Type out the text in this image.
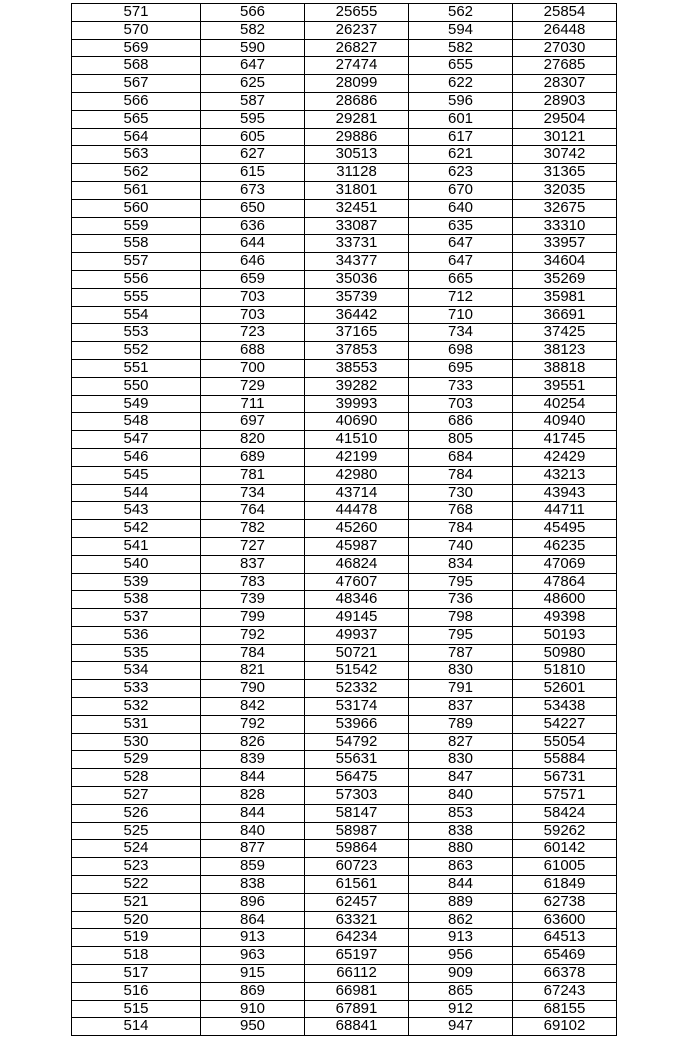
571	566	25655	562	25854
570	582	26237	594	26448
569	590	26827	582	27030
568	647	27474	655	27685
567	625	28099	622	28307
566	587	28686	596	28903
565	595	29281	601	29504
564	605	29886	617	30121
563	627	30513	621	30742
562	615	31128	623	31365
561	673	31801	670	32035
560	650	32451	640	32675
559	636	33087	635	33310
558	644	33731	647	33957
557	646	34377	647	34604
556	659	35036	665	35269
555	703	35739	712	35981
554	703	36442	710	36691
553	723	37165	734	37425
552	688	37853	698	38123
551	700	38553	695	38818
550	729	39282	733	39551
549	711	39993	703	40254
548	697	40690	686	40940
547	820	41510	805	41745
546	689	42199	684	42429
545	781	42980	784	43213
544	734	43714	730	43943
543	764	44478	768	44711
542	782	45260	784	45495
541	727	45987	740	46235
540	837	46824	834	47069
539	783	47607	795	47864
538	739	48346	736	48600
537	799	49145	798	49398
536	792	49937	795	50193
535	784	50721	787	50980
534	821	51542	830	51810
533	790	52332	791	52601
532	842	53174	837	53438
531	792	53966	789	54227
530	826	54792	827	55054
529	839	55631	830	55884
528	844	56475	847	56731
527	828	57303	840	57571
526	844	58147	853	58424
525	840	58987	838	59262
524	877	59864	880	60142
523	859	60723	863	61005
522	838	61561	844	61849
521	896	62457	889	62738
520	864	63321	862	63600
519	913	64234	913	64513
518	963	65197	956	65469
517	915	66112	909	66378
516	869	66981	865	67243
515	910	67891	912	68155
514	950	68841	947	69102
